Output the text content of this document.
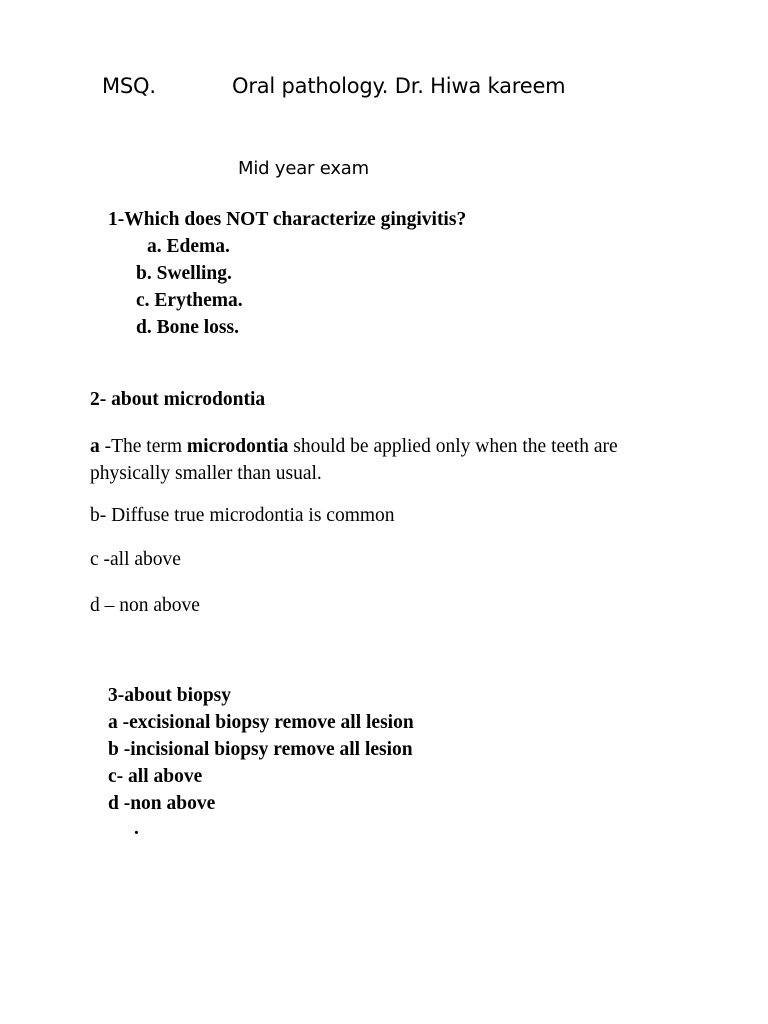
MSQ.	Oral pathology. Dr. Hiwa kareem
Mid year exam
1-Which does NOT characterize gingivitis?
a. Edema.
b. Swelling.
c. Erythema.
d. Bone loss.
2- about microdontia
a -The term microdontia should be applied only when the teeth are physically smaller than usual.
b- Diffuse true microdontia is common
c -all above
d – non above
3-about biopsy
a -excisional biopsy remove all lesion
b -incisional biopsy remove all lesion
c- all above
d -non above
.
